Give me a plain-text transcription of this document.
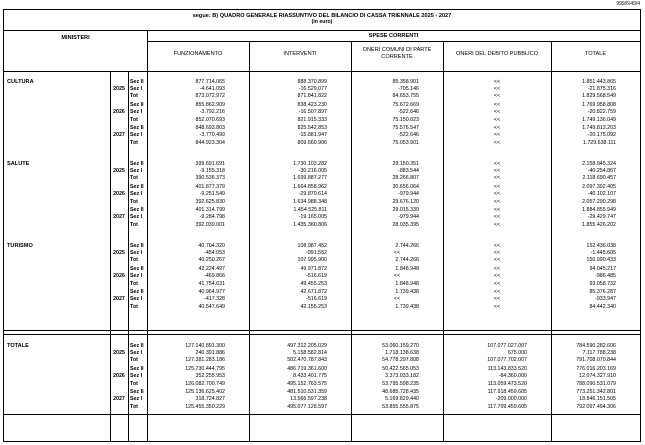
999/6/49/4
segue: B) QUADRO GENERALE RIASSUNTIVO DEL BILANCIO DI CASSA TRIENNALE 2025 - 2027
(in euro)
MINISTERI	SPESE CORRENTI
FUNZIONAMENTO	INTERVENTI
ONERI COMUNI DI PARTE CORRENTE	ONERI DEL DEBITO PUBBLICO	TOTALE
CULTURA
2025
Sez II	877.714.065	888.370.899	85.358.901	<<	1.851.443.865
Sez I	-4.641.093	-16.529.077	-705.146	<<	-21.875.316
Tot	873.072.972	871.841.822	84.653.755	<<	1.829.568.549
2026
Sez II	855.862.909	838.423.230	75.672.669	<<	1.769.958.808
Sez I	-3.792.216	-16.507.897	-522.646	<<	-20.822.759
Tot	852.070.693	821.915.333	75.150.023	<<	1.749.136.049
2027
Sez II	848.693.803	825.542.853	75.576.547	<<	1.749.813.203
Sez I	-3.770.499	-15.881.947	-522.646	<<	-20.175.092
Tot	844.923.304	809.660.906	75.053.901	<<	1.729.638.111
SALUTE
2025
Sez II	399.691.691	1.730.103.282	29.150.351	<<	2.158.945.324
Sez I	-9.155.318	-30.216.005	-883.544	<<	-40.254.867
Tot	390.536.373	1.699.887.277	28.266.807	<<	2.118.690.457
2026
Sez II	401.877.379	1.664.858.962	30.656.064	<<	2.097.392.405
Sez I	-9.251.549	-29.870.614	-979.944	<<	-40.102.107
Tot	392.625.830	1.634.988.348	29.676.120	<<	2.057.290.298
2027
Sez II	401.314.799	1.454.525.811	29.015.339	<<	1.884.855.949
Sez I	-9.284.798	-19.165.005	-979.944	<<	-29.429.747
Tot	392.030.001	1.435.360.806	28.035.395	<<	1.855.426.202
TURISMO
2025
Sez II	40.704.320	108.987.452	2.744.266	<<	152.436.038
Sez I	-454.053	-991.552	<<	<<	-1.445.605
Tot	40.250.267	107.995.900	2.744.266	<<	150.990.433
2026
Sez II	42.224.497	49.971.872	1.848.948	<<	94.045.217
Sez I	-469.866	-516.619	<<	<<	-986.485
Tot	41.754.631	49.455.253	1.848.948	<<	93.058.732
2027
Sez II	40.964.977	42.671.872	1.739.438	<<	85.376.287
Sez I	-417.328	-516.619	<<	<<	-933.947
Tot	40.547.649	42.155.253	1.739.438	<<	84.442.340
TOTALE
2025
Sez II	127.140.891.300	497.312.205.029	53.060.159.270	107.077.027.007	784.590.282.606
Sez I	240.391.886	5.158.582.814	1.718.138.638	675.000	7.117.788.238
Tot	127.381.283.186	502.470.787.843	54.778.297.808	107.077.702.007	791.708.070.844
2026
Sez II	125.730.444.795	486.719.361.600	50.422.565.053	113.143.833.520	776.016.203.169
Sez I	352.255.953	8.433.401.775	3.373.033.182	-84.360.000	12.074.327.910
Tot	126.082.700.749	495.152.763.575	53.795.598.235	113.059.473.520	788.090.531.079
2027
Sez II	125.136.625.402	481.510.531.359	48.685.728.435	117.918.459.605	773.251.342.801
Sez I	318.724.827	13.566.597.238	5.169.829.440	-209.000.000	18.846.151.505
Tot	125.455.350.229	495.077.128.597	53.855.555.875	117.709.459.605	792.097.494.306
